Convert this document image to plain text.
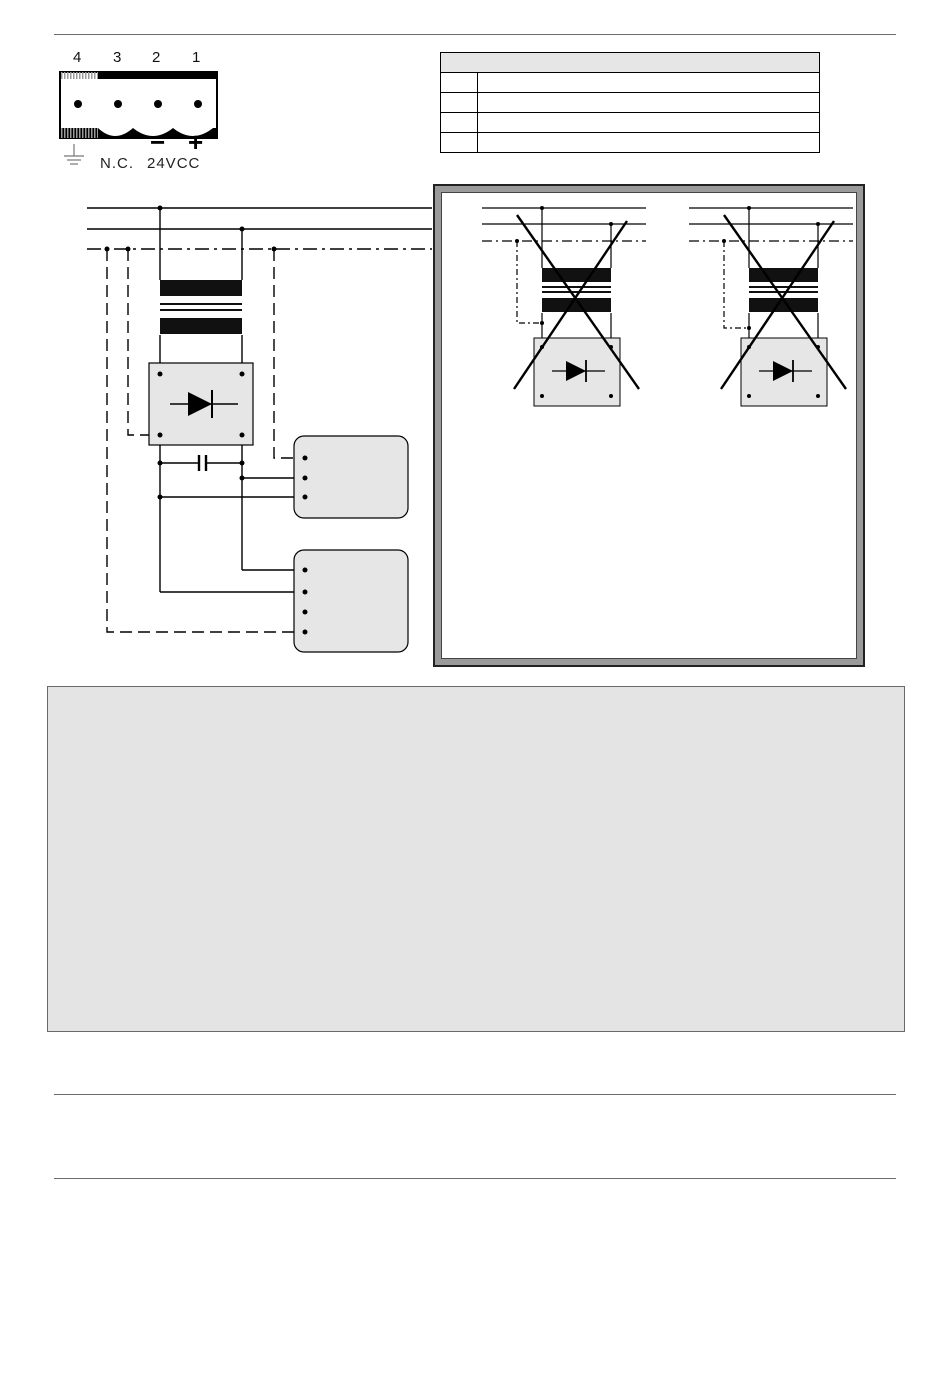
4 3 2 1
N.C. 24VCC
− +
